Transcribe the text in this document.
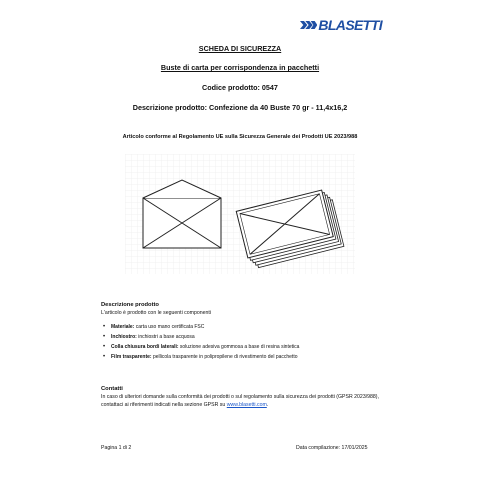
BLASETTI
SCHEDA DI SICUREZZA
Buste di carta per corrispondenza in pacchetti
Codice prodotto: 0547
Descrizione prodotto: Confezione da 40 Buste 70 gr - 11,4x16,2
Articolo conforme al Regolamento UE sulla Sicurezza Generale dei Prodotti UE 2023/988
Descrizione prodotto
L'articolo è prodotto con le seguenti componenti
• Materiale: carta uso mano certificata FSC
• Inchiostro: inchiostri a base acquosa
• Colla chiusura bordi laterali: soluzione adesiva gommosa a base di resina sintetica
• Film trasparente: pellicola trasparente in polipropilene di rivestimento del pacchetto
Contatti
In caso di ulteriori domande sulla conformità dei prodotti o sul regolamento sulla sicurezza dei prodotti (GPSR 2023/988), contattaci ai riferimenti indicati nella sezione GPSR su www.blasetti.com.
Pagina 1 di 2	Data compilazione: 17/01/2025
